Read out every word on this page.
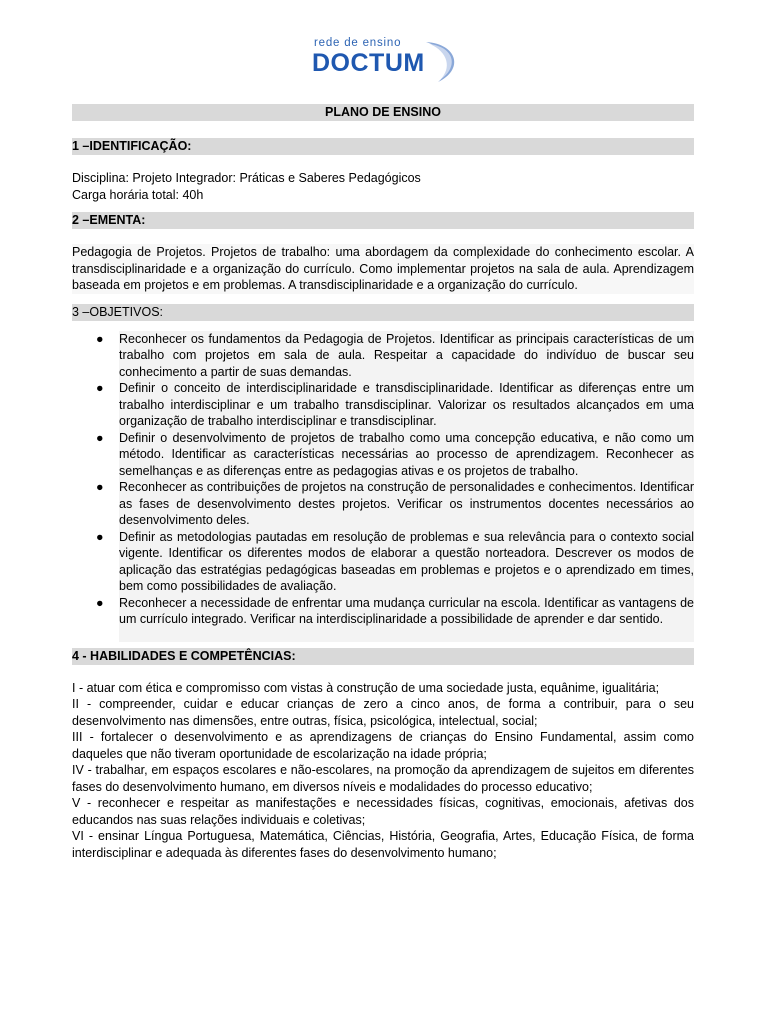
rede de ensino
DOCTUM
PLANO DE ENSINO
1 –IDENTIFICAÇÃO:
Disciplina: Projeto Integrador: Práticas e Saberes Pedagógicos
Carga horária total: 40h
2 –EMENTA:

Pedagogia de Projetos. Projetos de trabalho: uma abordagem da complexidade do conhecimento escolar. A transdisciplinaridade e a organização do currículo. Como implementar projetos na sala de aula. Aprendizagem baseada em projetos e em problemas. A transdisciplinaridade e a organização do currículo.

3 –OBJETIVOS:
● Reconhecer os fundamentos da Pedagogia de Projetos. Identificar as principais características de um trabalho com projetos em sala de aula. Respeitar a capacidade do indivíduo de buscar seu conhecimento a partir de suas demandas.
● Definir o conceito de interdisciplinaridade e transdisciplinaridade. Identificar as diferenças entre um trabalho interdisciplinar e um trabalho transdisciplinar. Valorizar os resultados alcançados em uma organização de trabalho interdisciplinar e transdisciplinar.
● Definir o desenvolvimento de projetos de trabalho como uma concepção educativa, e não como um método. Identificar as características necessárias ao processo de aprendizagem. Reconhecer as semelhanças e as diferenças entre as pedagogias ativas e os projetos de trabalho.
● Reconhecer as contribuições de projetos na construção de personalidades e conhecimentos. Identificar as fases de desenvolvimento destes projetos. Verificar os instrumentos docentes necessários ao desenvolvimento deles.
● Definir as metodologias pautadas em resolução de problemas e sua relevância para o contexto social vigente. Identificar os diferentes modos de elaborar a questão norteadora. Descrever os modos de aplicação das estratégias pedagógicas baseadas em problemas e projetos e o aprendizado em times, bem como possibilidades de avaliação.
● Reconhecer a necessidade de enfrentar uma mudança curricular na escola. Identificar as vantagens de um currículo integrado. Verificar na interdisciplinaridade a possibilidade de aprender e dar sentido.
4 - HABILIDADES E COMPETÊNCIAS:

I - atuar com ética e compromisso com vistas à construção de uma sociedade justa, equânime, igualitária;

II - compreender, cuidar e educar crianças de zero a cinco anos, de forma a contribuir, para o seu desenvolvimento nas dimensões, entre outras, física, psicológica, intelectual, social;

III - fortalecer o desenvolvimento e as aprendizagens de crianças do Ensino Fundamental, assim como daqueles que não tiveram oportunidade de escolarização na idade própria;

IV - trabalhar, em espaços escolares e não-escolares, na promoção da aprendizagem de sujeitos em diferentes fases do desenvolvimento humano, em diversos níveis e modalidades do processo educativo;

V - reconhecer e respeitar as manifestações e necessidades físicas, cognitivas, emocionais, afetivas dos educandos nas suas relações individuais e coletivas;

VI - ensinar Língua Portuguesa, Matemática, Ciências, História, Geografia, Artes, Educação Física, de forma interdisciplinar e adequada às diferentes fases do desenvolvimento humano;
